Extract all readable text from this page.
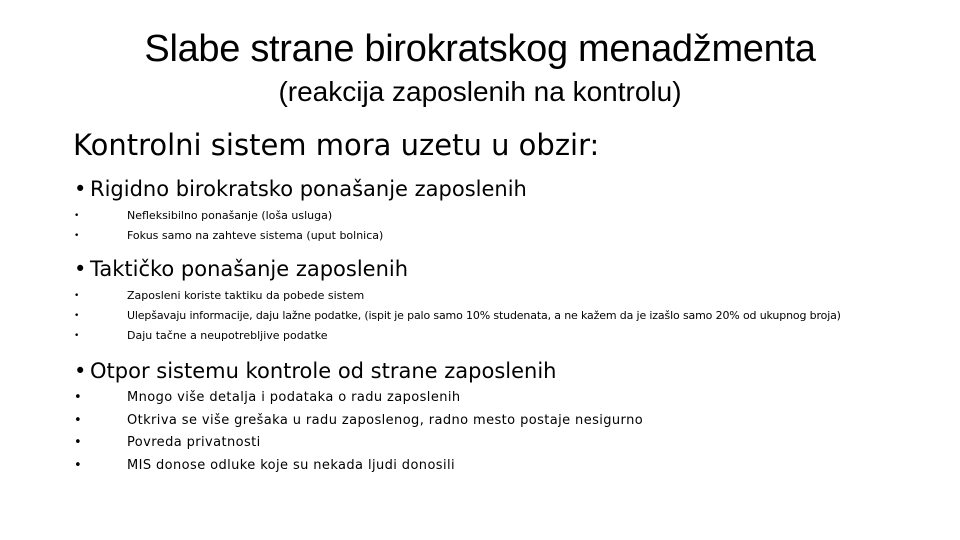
Slabe strane birokratskog menadžmenta
(reakcija zaposlenih na kontrolu)
Kontrolni sistem mora uzetu u obzir:
• Rigidno birokratsko ponašanje zaposlenih
•	Nefleksibilno ponašanje (loša usluga)
•	Fokus samo na zahteve sistema (uput bolnica)
• Taktičko ponašanje zaposlenih
•	Zaposleni koriste taktiku da pobede sistem
•	Ulepšavaju informacije, daju lažne podatke, (ispit je palo samo 10% studenata, a ne kažem da je izašlo samo 20% od ukupnog broja)
•	Daju tačne a neupotrebljive podatke
• Otpor sistemu kontrole od strane zaposlenih
•	Mnogo više detalja i podataka o radu zaposlenih
•	Otkriva se više grešaka u radu zaposlenog, radno mesto postaje nesigurno
•	Povreda privatnosti
•	MIS donose odluke koje su nekada ljudi donosili
